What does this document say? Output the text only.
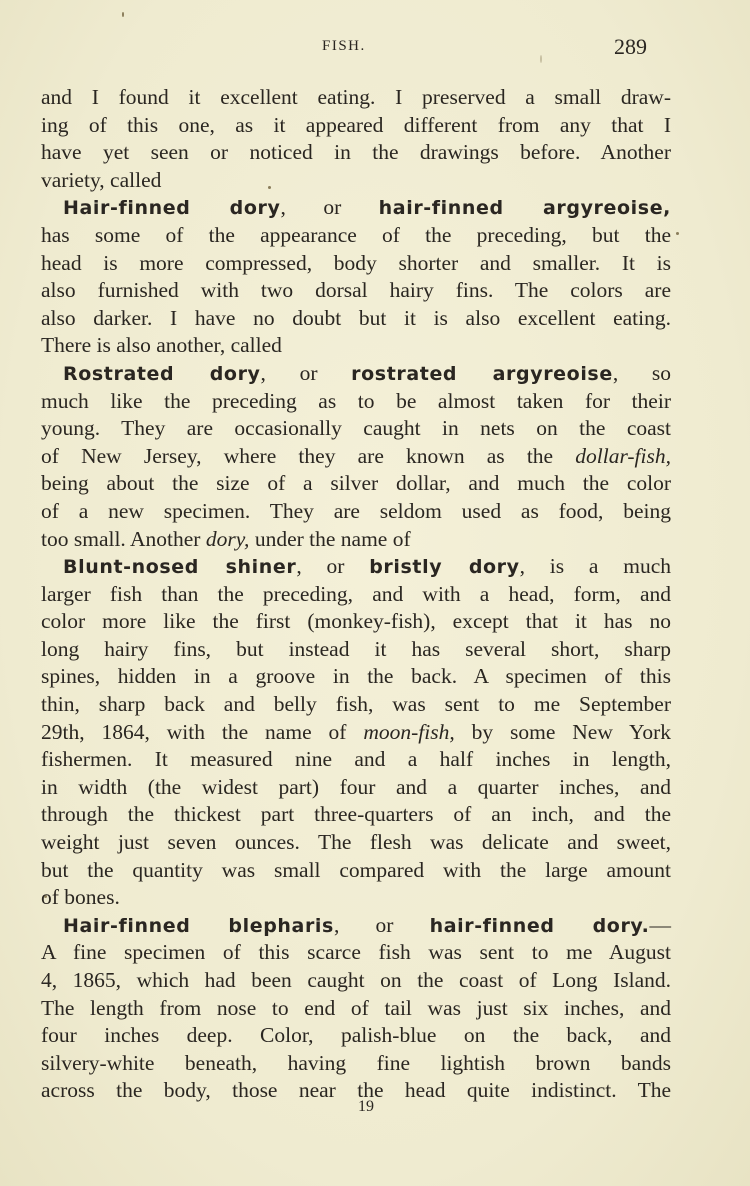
FISH.	289
and I found it excellent eating. I preserved a small draw-
ing of this one, as it appeared different from any that I
have yet seen or noticed in the drawings before. Another
variety, called
Hair-finned dory, or hair-finned argyreoise,
has some of the appearance of the preceding, but the
head is more compressed, body shorter and smaller. It is
also furnished with two dorsal hairy fins. The colors are
also darker. I have no doubt but it is also excellent eating.
There is also another, called
Rostrated dory, or rostrated argyreoise, so
much like the preceding as to be almost taken for their
young. They are occasionally caught in nets on the coast
of New Jersey, where they are known as the dollar-fish,
being about the size of a silver dollar, and much the color
of a new specimen. They are seldom used as food, being
too small. Another dory, under the name of
Blunt-nosed shiner, or bristly dory, is a much
larger fish than the preceding, and with a head, form, and
color more like the first (monkey-fish), except that it has no
long hairy fins, but instead it has several short, sharp
spines, hidden in a groove in the back. A specimen of this
thin, sharp back and belly fish, was sent to me September
29th, 1864, with the name of moon-fish, by some New York
fishermen. It measured nine and a half inches in length,
in width (the widest part) four and a quarter inches, and
through the thickest part three-quarters of an inch, and the
weight just seven ounces. The flesh was delicate and sweet,
but the quantity was small compared with the large amount
of bones.
Hair-finned blepharis, or hair-finned dory.—
A fine specimen of this scarce fish was sent to me August
4, 1865, which had been caught on the coast of Long Island.
The length from nose to end of tail was just six inches, and
four inches deep. Color, palish-blue on the back, and
silvery-white beneath, having fine lightish brown bands
across the body, those near the head quite indistinct. The
19
